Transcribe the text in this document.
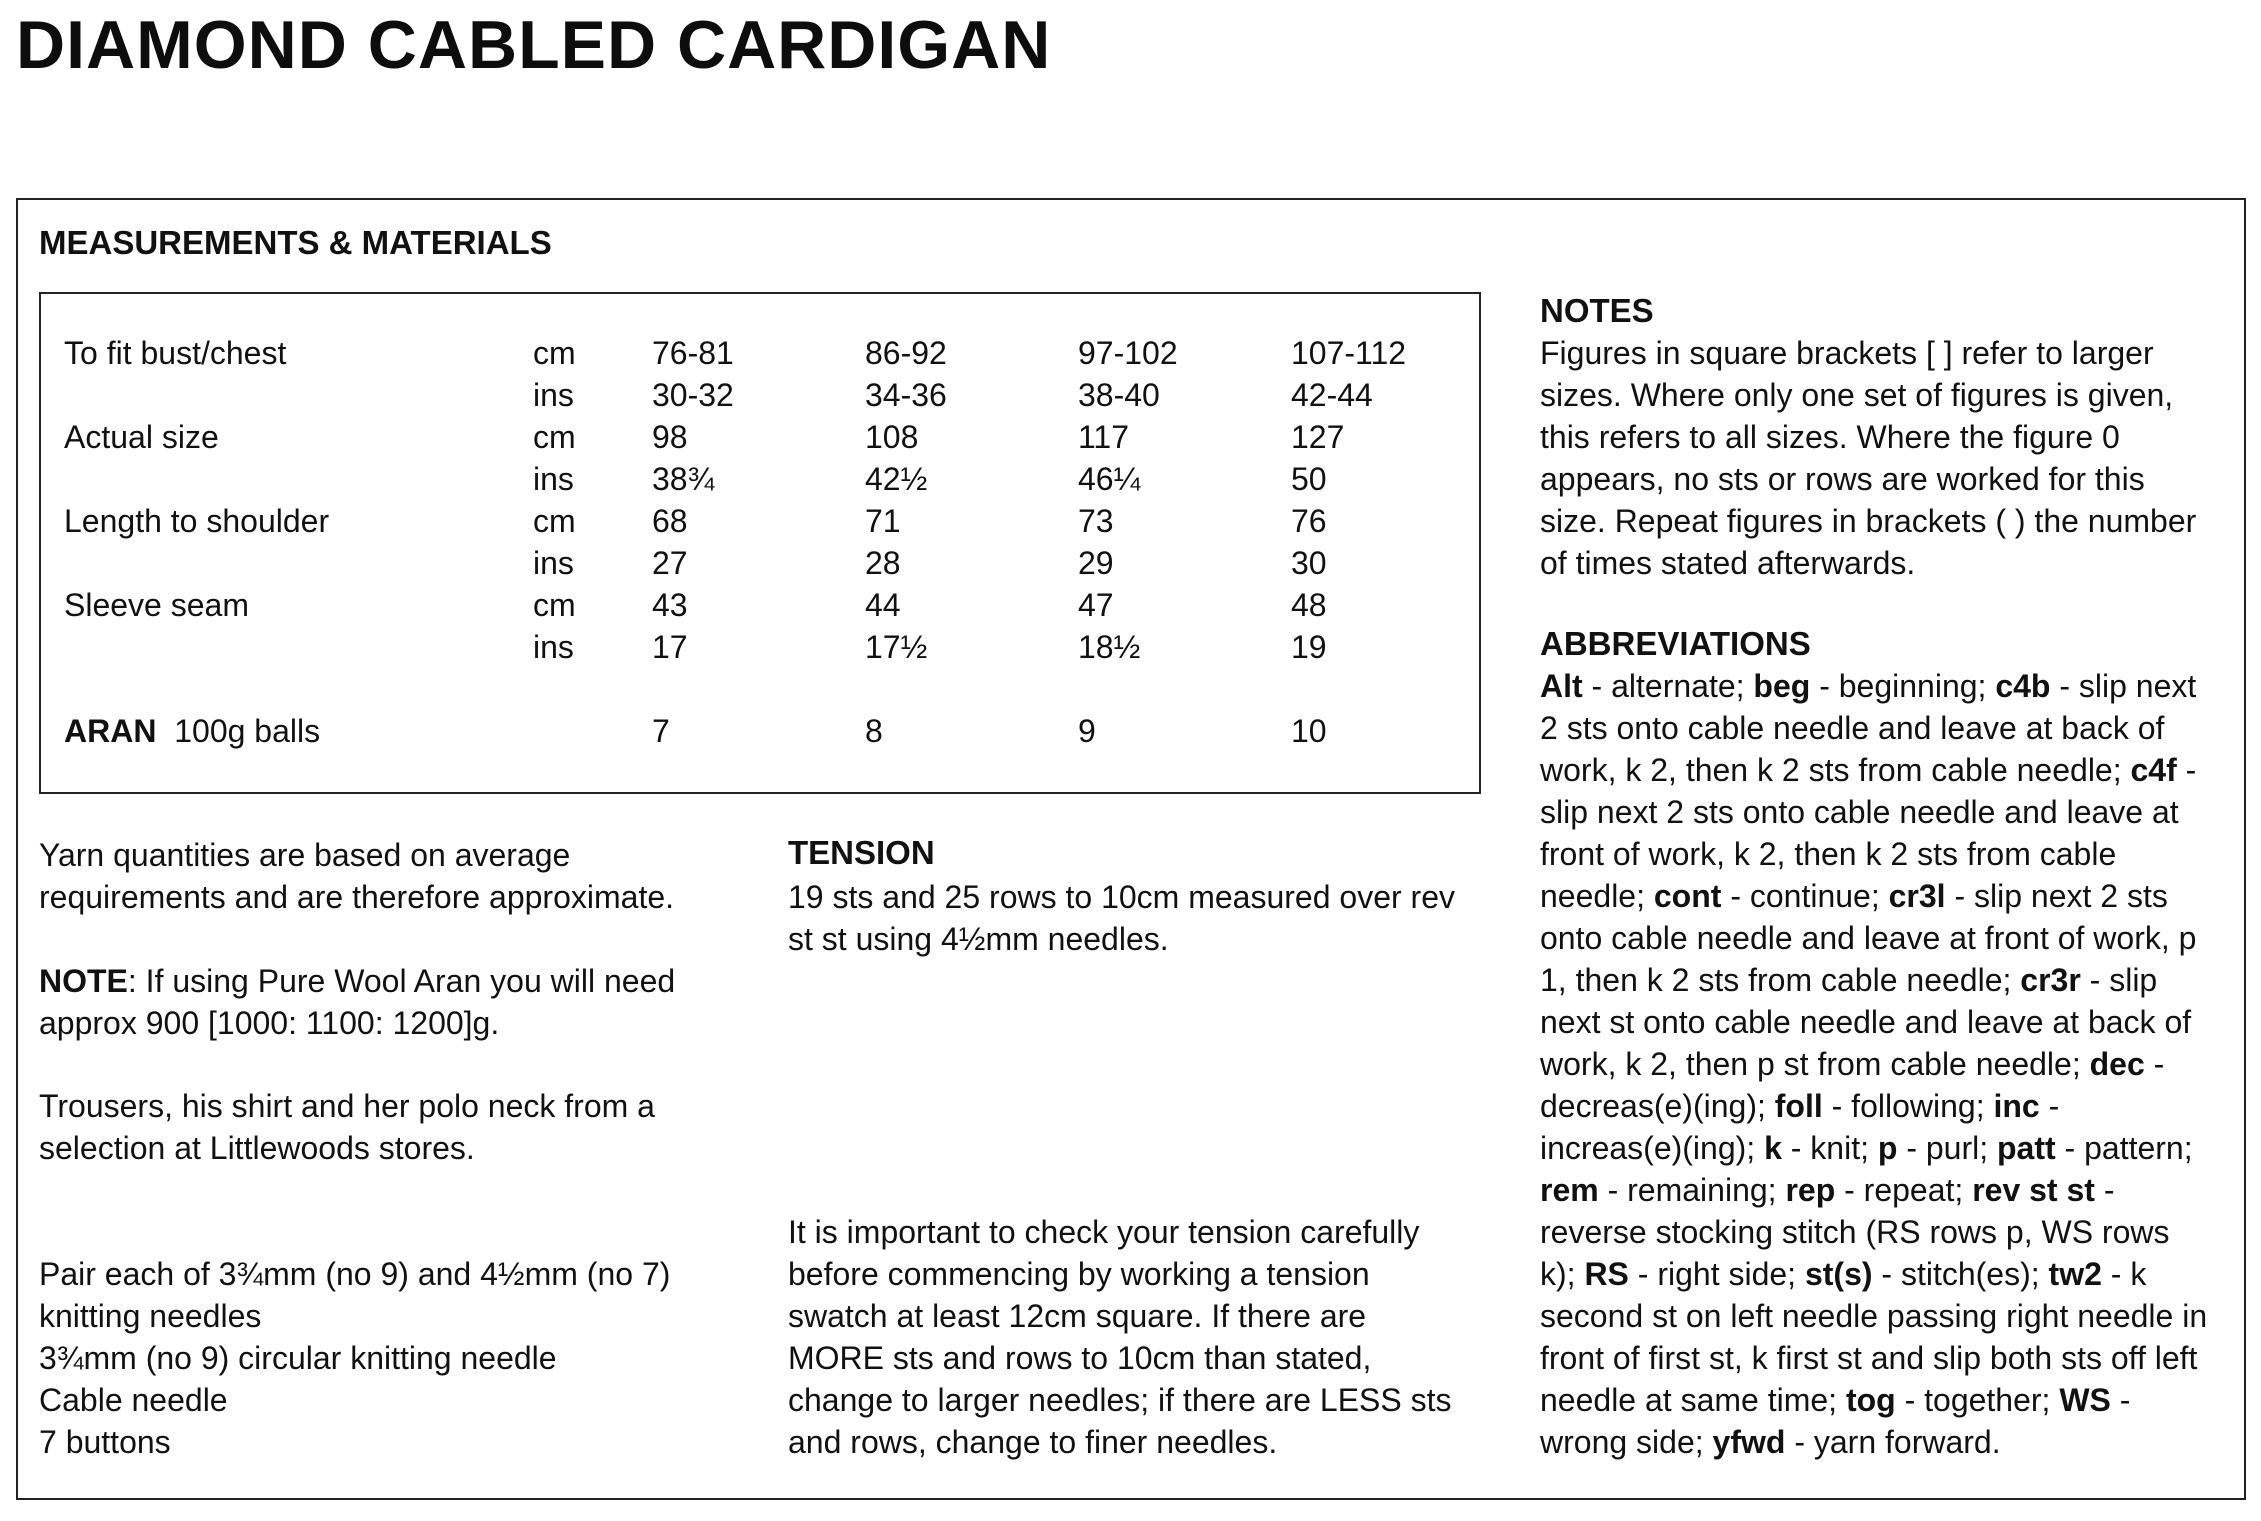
DIAMOND CABLED CARDIGAN
MEASUREMENTS & MATERIALS
To fit bust/chest	cm 76-81	86-92	97-102	107-112
ins 30-32	34-36	38-40	42-44
Actual size	cm 98	108	117	127
ins 38¾	42½	46¼	50
Length to shoulder	cm 68	71	73	76
ins 27	28	29	30
Sleeve seam	cm 43	44	47	48
ins 17	17½	18½	19
ARAN 100g balls	7	8	9	10

Yarn quantities are based on average

requirements and are therefore approximate.

NOTE: If using Pure Wool Aran you will need

approx 900 [1000: 1100: 1200]g.

Trousers, his shirt and her polo neck from a

selection at Littlewoods stores.

Pair each of 3¾mm (no 9) and 4½mm (no 7)

knitting needles

3¾mm (no 9) circular knitting needle

Cable needle

7 buttons

TENSION

19 sts and 25 rows to 10cm measured over rev

st st using 4½mm needles.

It is important to check your tension carefully

before commencing by working a tension

swatch at least 12cm square. If there are

MORE sts and rows to 10cm than stated,

change to larger needles; if there are LESS sts

and rows, change to finer needles.

NOTES

Figures in square brackets [ ] refer to larger

sizes. Where only one set of figures is given,

this refers to all sizes. Where the figure 0

appears, no sts or rows are worked for this

size. Repeat figures in brackets ( ) the number

of times stated afterwards.

ABBREVIATIONS

Alt - alternate; beg - beginning; c4b - slip next

2 sts onto cable needle and leave at back of

work, k 2, then k 2 sts from cable needle; c4f -

slip next 2 sts onto cable needle and leave at

front of work, k 2, then k 2 sts from cable

needle; cont - continue; cr3l - slip next 2 sts

onto cable needle and leave at front of work, p

1, then k 2 sts from cable needle; cr3r - slip

next st onto cable needle and leave at back of

work, k 2, then p st from cable needle; dec -

decreas(e)(ing); foll - following; inc -

increas(e)(ing); k - knit; p - purl; patt - pattern;

rem - remaining; rep - repeat; rev st st -

reverse stocking stitch (RS rows p, WS rows

k); RS - right side; st(s) - stitch(es); tw2 - k

second st on left needle passing right needle in

front of first st, k first st and slip both sts off left

needle at same time; tog - together; WS -

wrong side; yfwd - yarn forward.
